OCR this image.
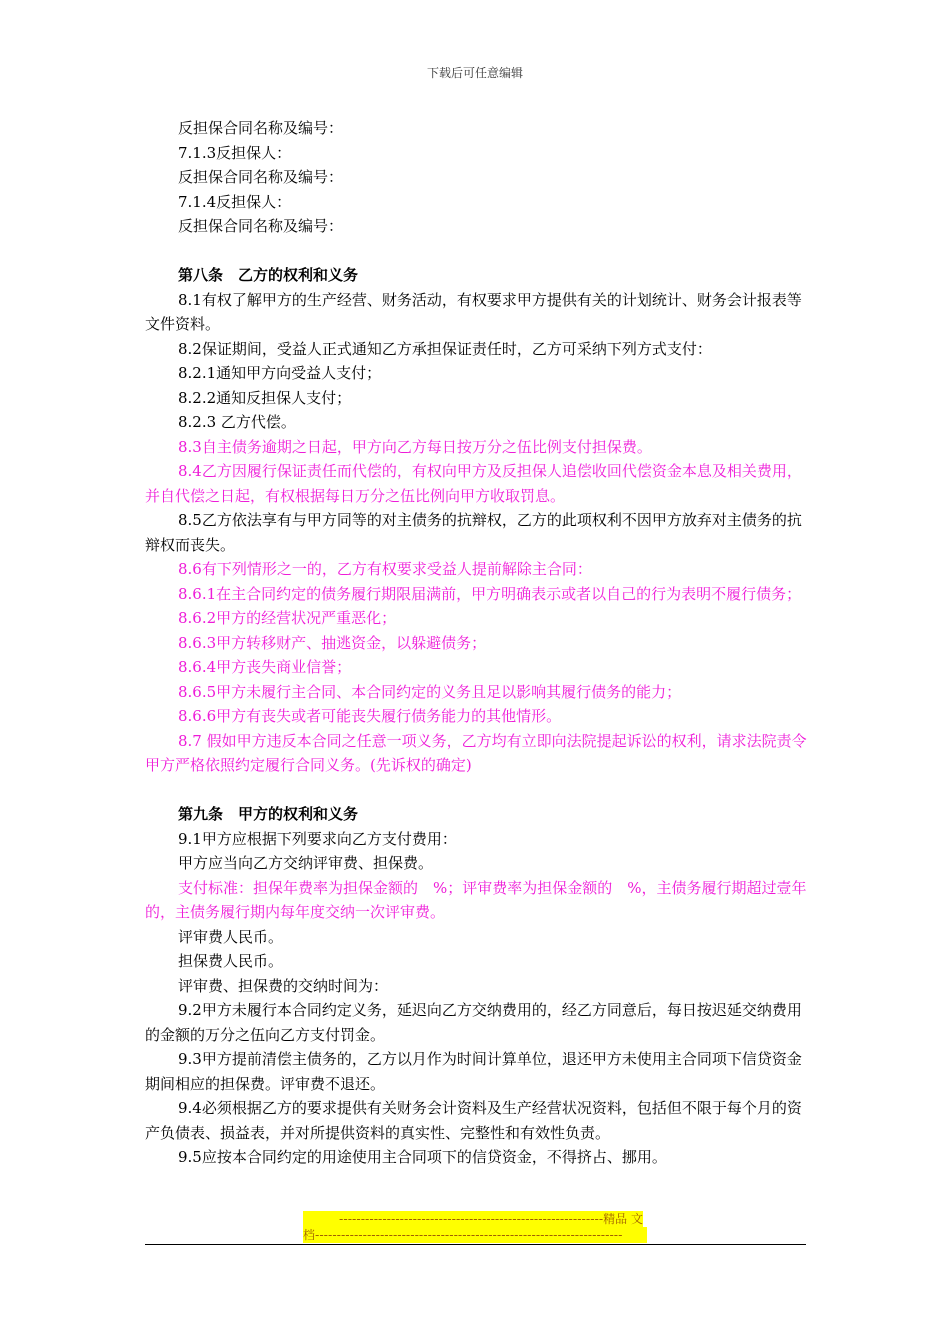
下载后可任意编辑

反担保合同名称及编号：

7.1.3反担保人：

反担保合同名称及编号：

7.1.4反担保人：

反担保合同名称及编号：

第八条　乙方的权利和义务

8.1有权了解甲方的生产经营、财务活动，有权要求甲方提供有关的计划统计、财务会计报表等文件资料。

8.2保证期间，受益人正式通知乙方承担保证责任时，乙方可采纳下列方式支付：

8.2.1通知甲方向受益人支付；

8.2.2通知反担保人支付；

8.2.3 乙方代偿。

8.3自主债务逾期之日起，甲方向乙方每日按万分之伍比例支付担保费。

8.4乙方因履行保证责任而代偿的，有权向甲方及反担保人追偿收回代偿资金本息及相关费用，并自代偿之日起，有权根据每日万分之伍比例向甲方收取罚息。

8.5乙方依法享有与甲方同等的对主债务的抗辩权，乙方的此项权利不因甲方放弃对主债务的抗辩权而丧失。

8.6有下列情形之一的，乙方有权要求受益人提前解除主合同：

8.6.1在主合同约定的债务履行期限届满前，甲方明确表示或者以自己的行为表明不履行债务；

8.6.2甲方的经营状况严重恶化；

8.6.3甲方转移财产、抽逃资金，以躲避债务；

8.6.4甲方丧失商业信誉；

8.6.5甲方未履行主合同、本合同约定的义务且足以影响其履行债务的能力；

8.6.6甲方有丧失或者可能丧失履行债务能力的其他情形。

8.7 假如甲方违反本合同之任意一项义务，乙方均有立即向法院提起诉讼的权利，请求法院责令甲方严格依照约定履行合同义务。(先诉权的确定)

第九条　甲方的权利和义务

9.1甲方应根据下列要求向乙方支付费用：

甲方应当向乙方交纳评审费、担保费。

支付标准：担保年费率为担保金额的　%；评审费率为担保金额的　%，主债务履行期超过壹年的，主债务履行期内每年度交纳一次评审费。

评审费人民币。

担保费人民币。

评审费、担保费的交纳时间为：

9.2甲方未履行本合同约定义务，延迟向乙方交纳费用的，经乙方同意后，每日按迟延交纳费用的金额的万分之伍向乙方支付罚金。

9.3甲方提前清偿主债务的，乙方以月作为时间计算单位，退还甲方未使用主合同项下信贷资金期间相应的担保费。评审费不退还。

9.4必须根据乙方的要求提供有关财务会计资料及生产经营状况资料，包括但不限于每个月的资产负债表、损益表，并对所提供资料的真实性、完整性和有效性负责。

9.5应按本合同约定的用途使用主合同项下的信贷资金，不得挤占、挪用。

-------------------------------------------------------------精品 文
档-----------------------------------------------------------------------
